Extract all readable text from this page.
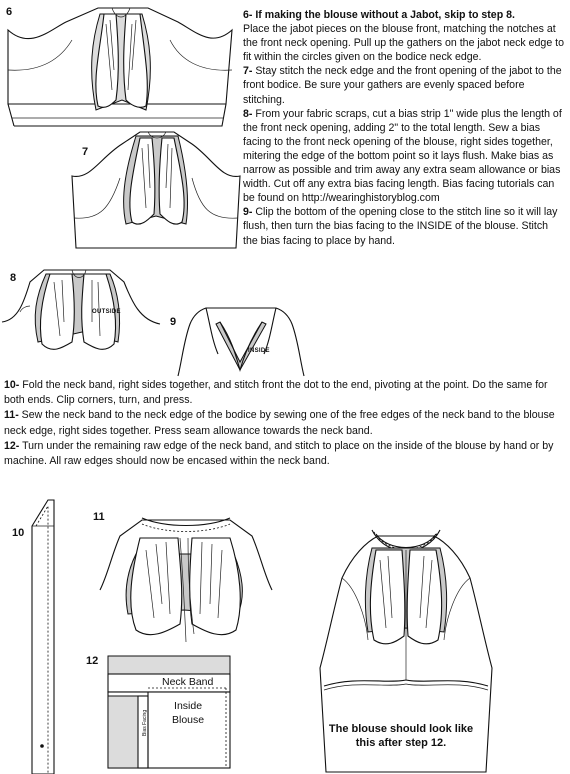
6- If making the blouse without a Jabot, skip to step 8.

Place the jabot pieces on the blouse front, matching the notches at the front neck opening. Pull up the gathers on the jabot neck edge to fit within the circles given on the bodice neck edge.

7- Stay stitch the neck edge and the front opening of the jabot to the front bodice. Be sure your gathers are evenly spaced before stitching.

8- From your fabric scraps, cut a bias strip 1" wide plus the length of the front neck opening, adding 2" to the total length. Sew a bias facing to the front neck opening of the blouse, right sides together, mitering the edge of the bottom point so it lays flush. Make bias as narrow as possible and trim away any extra seam allowance or bias width. Cut off any extra bias facing length. Bias facing tutorials can be found on http://wearinghistoryblog.com

9- Clip the bottom of the opening close to the stitch line so it will lay flush, then turn the bias facing to the INSIDE of the blouse. Stitch the bias facing to place by hand.

6
7
8
OUTSIDE
9
INSIDE

10- Fold the neck band, right sides together, and stitch front the dot to the end, pivoting at the point. Do the same for both ends. Clip corners, turn, and press.

11- Sew the neck band to the neck edge of the bodice by sewing one of the free edges of the neck band to the blouse neck edge, right sides together. Press seam allowance towards the neck band.

12- Turn under the remaining raw edge of the neck band, and stitch to place on the inside of the blouse by hand or by machine. All raw edges should now be encased within the neck band.

10
11
12
Neck Band
Inside
Blouse
Bias Facing	The blouse should look like this after step 12.
